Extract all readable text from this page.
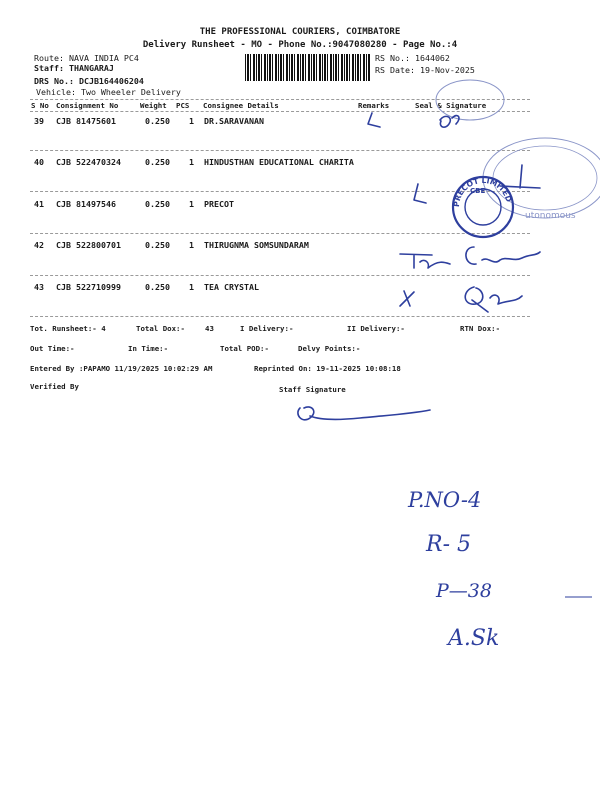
THE PROFESSIONAL COURIERS, COIMBATORE
Delivery Runsheet - MO - Phone No.:9047080280 - Page No.:4
Route: NAVA INDIA PC4
Staff: THANGARAJ
DRS No.: DCJB164406204
Vehicle: Two Wheeler Delivery
RS No.: 1644062
RS Date: 19-Nov-2025
S No Consignment No	Weight PCS Consignee Details	Remarks	Seal & Signature
39 CJB 81475601	0.250 1 DR.SARAVANAN
40 CJB 522470324	0.250 1 HINDUSTHAN EDUCATIONAL CHARITA
41 CJB 81497546	0.250 1 PRECOT
42 CJB 522800701	0.250 1 THIRUGNMA SOMSUNDARAM
43 CJB 522710999	0.250 1 TEA CRYSTAL
Tot. Runsheet:- 4	Total Dox:-	43	I Delivery:-	II Delivery:-	RTN Dox:-
Out Time:-	In Time:-	Total POD:-	Delvy Points:-
Entered By :PAPAMO 11/19/2025 10:02:29 AM	Reprinted On: 19-11-2025 10:08:18
Verified By	Staff Signature
utonomous
PRECOT LIMITED
CBE
P.NO-4
R- 5
P—38
A.Sk
